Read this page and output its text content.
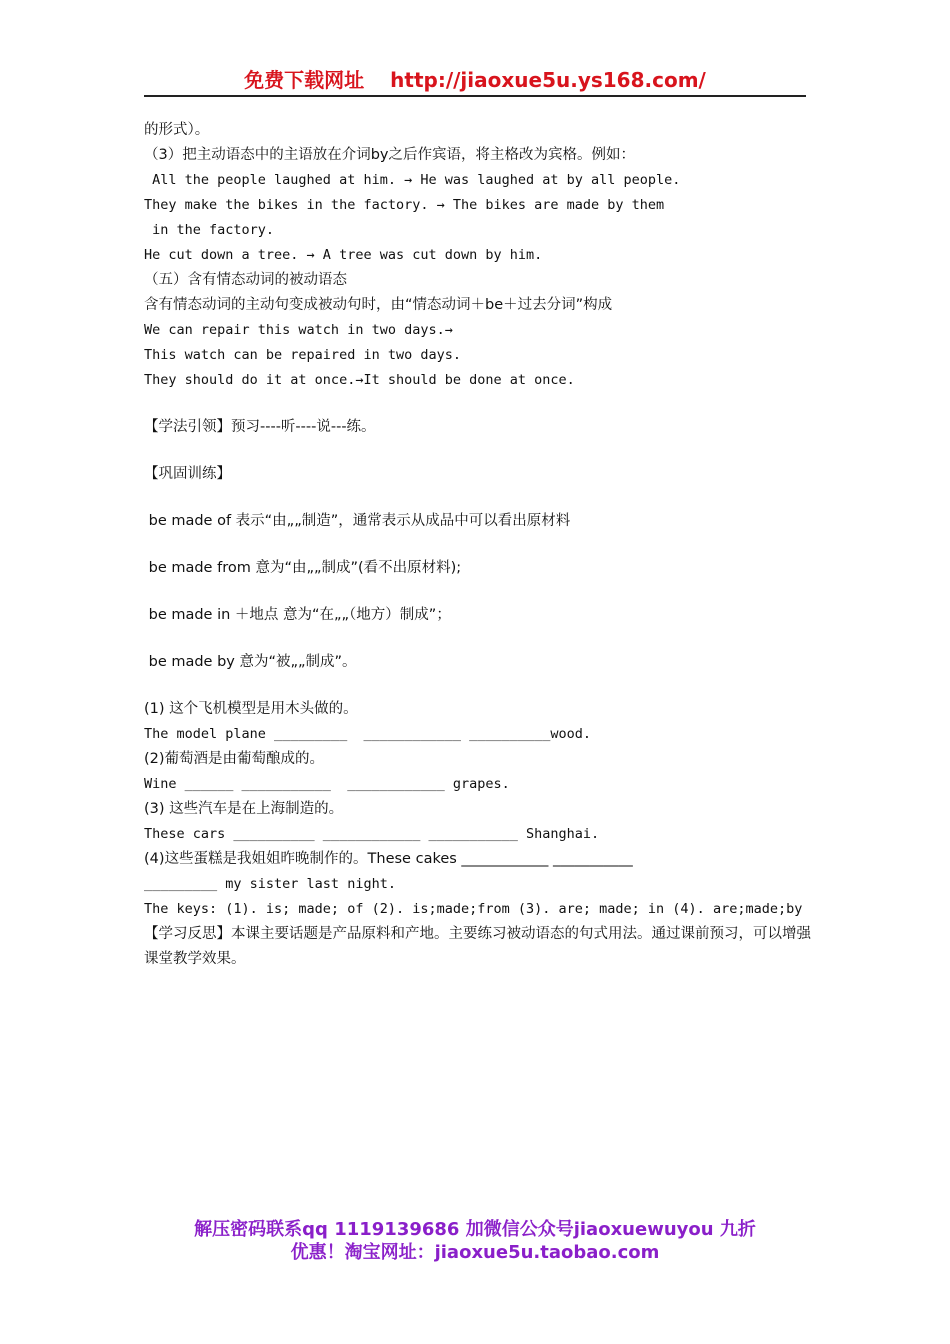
免费下载网址 http://jiaoxue5u.ys168.com/
的形式）。
（3）把主动语态中的主语放在介词by之后作宾语，将主格改为宾格。例如：
All the people laughed at him. → He was laughed at by all people.
They make the bikes in the factory. → The bikes are made by them
in the factory.
He cut down a tree. → A tree was cut down by him.
（五）含有情态动词的被动语态
含有情态动词的主动句变成被动句时，由“情态动词＋be＋过去分词”构成
We can repair this watch in two days.→
This watch can be repaired in two days.
They should do it at once.→It should be done at once.
【学法引领】预习----听----说---练。
【巩固训练】
be made of 表示“由„„制造”，通常表示从成品中可以看出原材料
be made from 意为“由„„制成”(看不出原材料);
be made in ＋地点 意为“在„„（地方）制成”；
be made by 意为“被„„制成”。
(1) 这个飞机模型是用木头做的。
The model plane _________  ____________ __________wood.
(2)葡萄酒是由葡萄酿成的。
Wine ______ ___________  ____________ grapes.
(3) 这些汽车是在上海制造的。
These cars __________ ____________ ___________ Shanghai.
(4)这些蛋糕是我姐姐昨晚制作的。These cakes ____________ ___________
_________ my sister last night.
The keys: (1). is; made; of (2). is;made;from (3). are; made; in (4). are;made;by
【学习反思】本课主要话题是产品原料和产地。主要练习被动语态的句式用法。通过课前预习，可以增强课堂教学效果。
解压密码联系qq 1119139686 加微信公众号jiaoxuewuyou 九折
优惠！淘宝网址：jiaoxue5u.taobao.com
